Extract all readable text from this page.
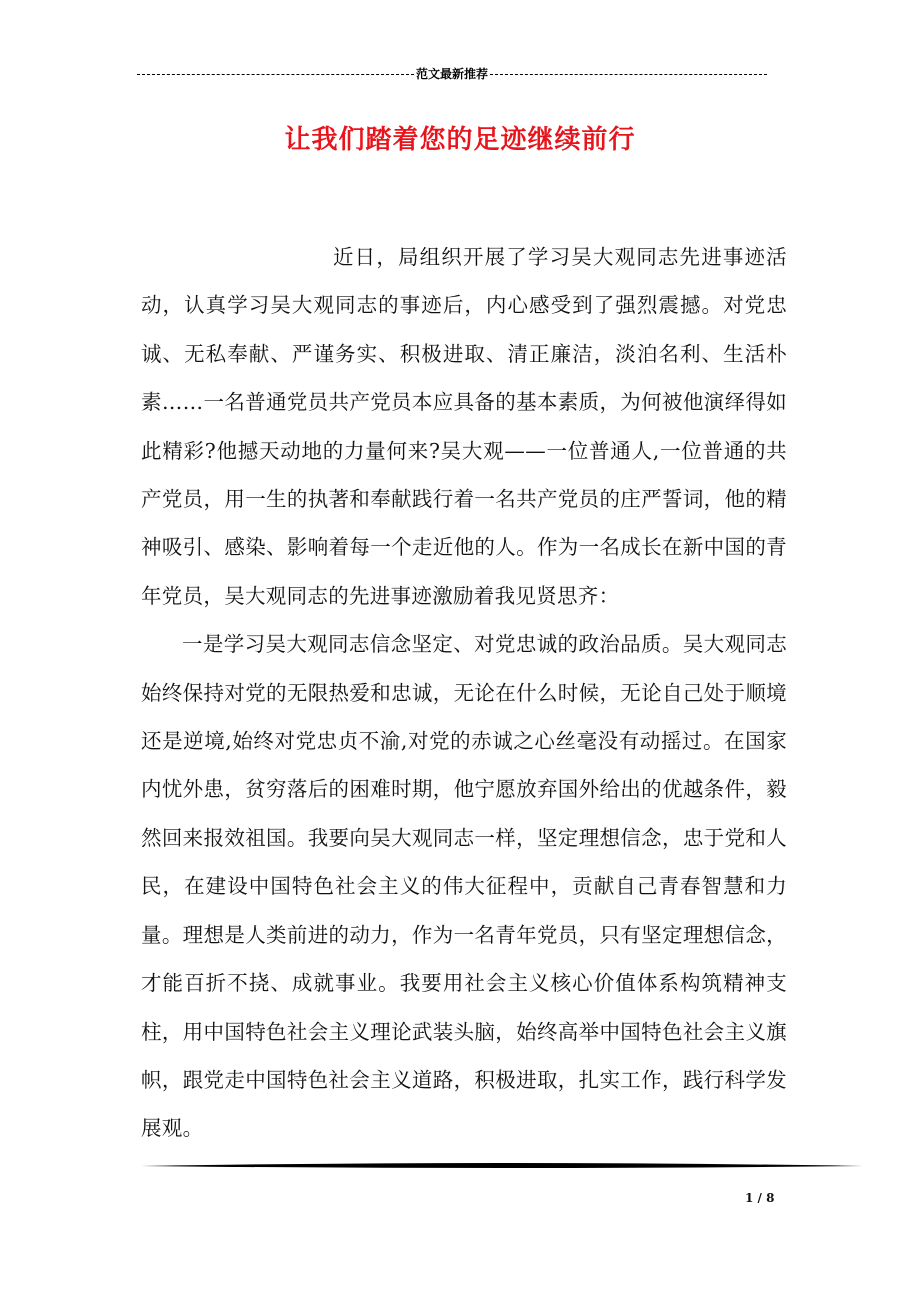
范文最新推荐
让我们踏着您的足迹继续前行

近日，局组织开展了学习吴大观同志先进事迹活动，认真学习吴大观同志的事迹后，内心感受到了强烈震撼。对党忠诚、无私奉献、严谨务实、积极进取、清正廉洁，淡泊名利、生活朴素……一名普通党员共产党员本应具备的基本素质，为何被他演绎得如此精彩?他撼天动地的力量何来?吴大观——一位普通人,一位普通的共产党员，用一生的执著和奉献践行着一名共产党员的庄严誓词，他的精神吸引、感染、影响着每一个走近他的人。作为一名成长在新中国的青年党员，吴大观同志的先进事迹激励着我见贤思齐：

一是学习吴大观同志信念坚定、对党忠诚的政治品质。吴大观同志始终保持对党的无限热爱和忠诚，无论在什么时候，无论自己处于顺境还是逆境,始终对党忠贞不渝,对党的赤诚之心丝毫没有动摇过。在国家内忧外患，贫穷落后的困难时期，他宁愿放弃国外给出的优越条件，毅然回来报效祖国。我要向吴大观同志一样，坚定理想信念，忠于党和人民，在建设中国特色社会主义的伟大征程中，贡献自己青春智慧和力量。理想是人类前进的动力，作为一名青年党员，只有坚定理想信念，才能百折不挠、成就事业。我要用社会主义核心价值体系构筑精神支柱，用中国特色社会主义理论武装头脑，始终高举中国特色社会主义旗帜，跟党走中国特色社会主义道路，积极进取，扎实工作，践行科学发展观。

1 / 8
